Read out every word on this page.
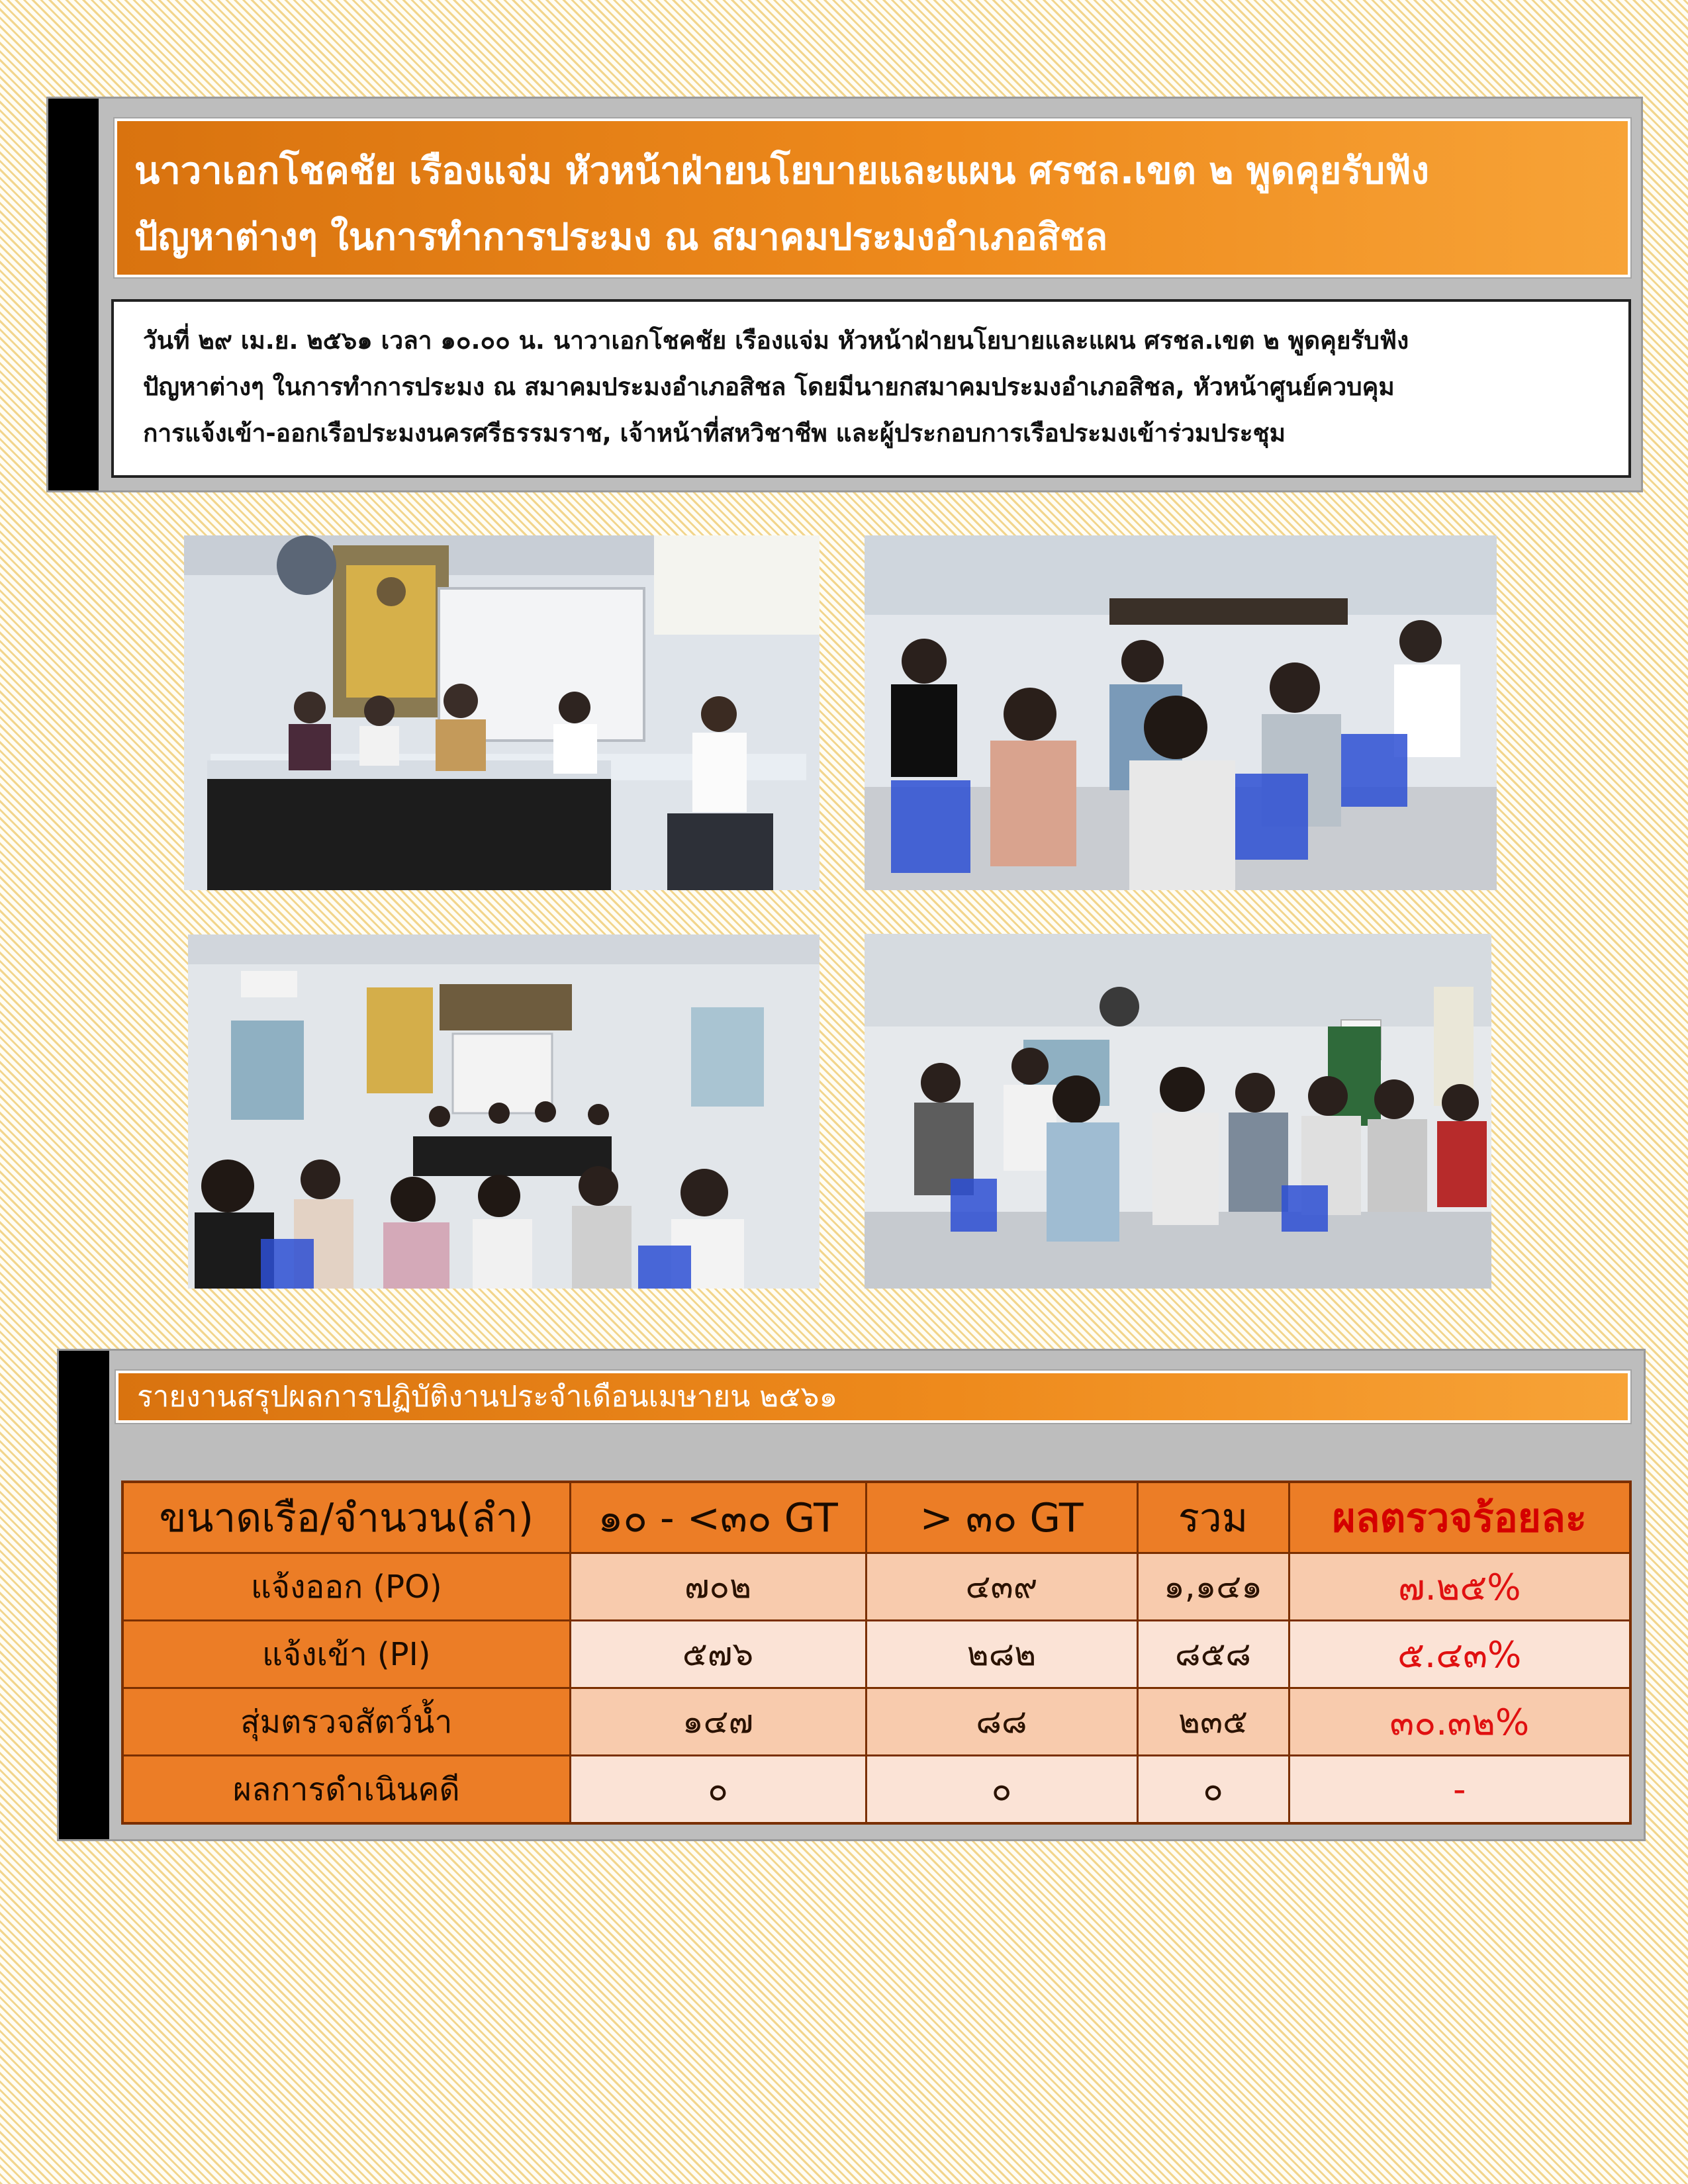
นาวาเอกโชคชัย เรืองแจ่ม หัวหน้าฝ่ายนโยบายและแผน ศรชล.เขต ๒ พูดคุยรับฟัง
ปัญหาต่างๆ ในการทำการประมง ณ สมาคมประมงอำเภอสิชล
วันที่ ๒๙ เม.ย. ๒๕๖๑ เวลา ๑๐.๐๐ น. นาวาเอกโชคชัย เรืองแจ่ม หัวหน้าฝ่ายนโยบายและแผน ศรชล.เขต ๒ พูดคุยรับฟัง
ปัญหาต่างๆ ในการทำการประมง ณ สมาคมประมงอำเภอสิชล โดยมีนายกสมาคมประมงอำเภอสิชล, หัวหน้าศูนย์ควบคุม
การแจ้งเข้า-ออกเรือประมงนครศรีธรรมราช, เจ้าหน้าที่สหวิชาชีพ และผู้ประกอบการเรือประมงเข้าร่วมประชุม
รายงานสรุปผลการปฏิบัติงานประจำเดือนเมษายน ๒๕๖๑
ขนาดเรือ/จำนวน(ลำ)	๑๐ - <๓๐ GT	> ๓๐ GT	รวม	ผลตรวจร้อยละ
แจ้งออก (PO)	๗๐๒	๔๓๙	๑,๑๔๑	๗.๒๕%
แจ้งเข้า (PI)	๕๗๖	๒๘๒	๘๕๘	๕.๔๓%
สุ่มตรวจสัตว์น้ำ	๑๔๗	๘๘	๒๓๕	๓๐.๓๒%
ผลการดำเนินคดี	๐	๐	๐	-
